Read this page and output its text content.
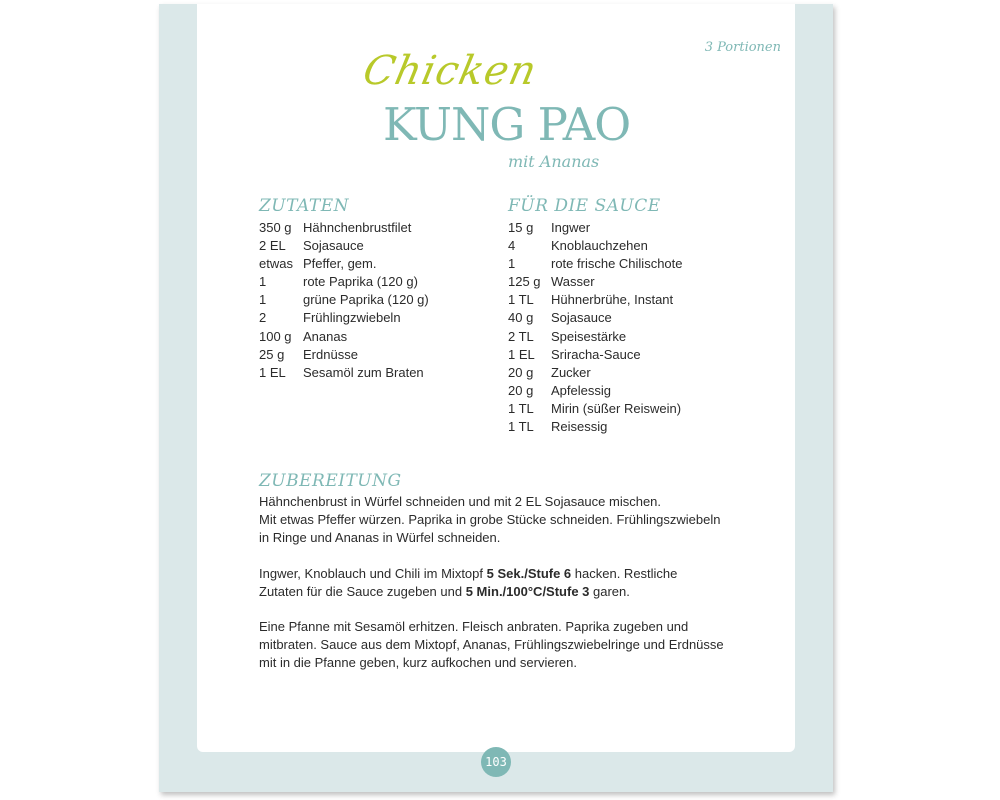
3 Portionen
Chicken
KUNG PAO
mit Ananas
ZUTATEN
350 g Hähnchenbrustfilet
2 EL Sojasauce
etwas Pfeffer, gem.
1	rote Paprika (120 g)
1	grüne Paprika (120 g)
2	Frühlingzwiebeln
100 g Ananas
25 g Erdnüsse
1 EL Sesamöl zum Braten
FÜR DIE SAUCE
15 g Ingwer
4	Knoblauchzehen
1	rote frische Chilischote
125 g Wasser
1 TL Hühnerbrühe, Instant
40 g Sojasauce
2 TL Speisestärke
1 EL Sriracha-Sauce
20 g Zucker
20 g Apfelessig
1 TL Mirin (süßer Reiswein)
1 TL Reisessig
ZUBEREITUNG

Hähnchenbrust in Würfel schneiden und mit 2 EL Sojasauce mischen.
Mit etwas Pfeffer würzen. Paprika in grobe Stücke schneiden. Frühlingszwiebeln
in Ringe und Ananas in Würfel schneiden.

Ingwer, Knoblauch und Chili im Mixtopf 5 Sek./Stufe 6 hacken. Restliche
Zutaten für die Sauce zugeben und 5 Min./100°C/Stufe 3 garen.

Eine Pfanne mit Sesamöl erhitzen. Fleisch anbraten. Paprika zugeben und
mitbraten. Sauce aus dem Mixtopf, Ananas, Frühlingszwiebelringe und Erdnüsse
mit in die Pfanne geben, kurz aufkochen und servieren.

103
